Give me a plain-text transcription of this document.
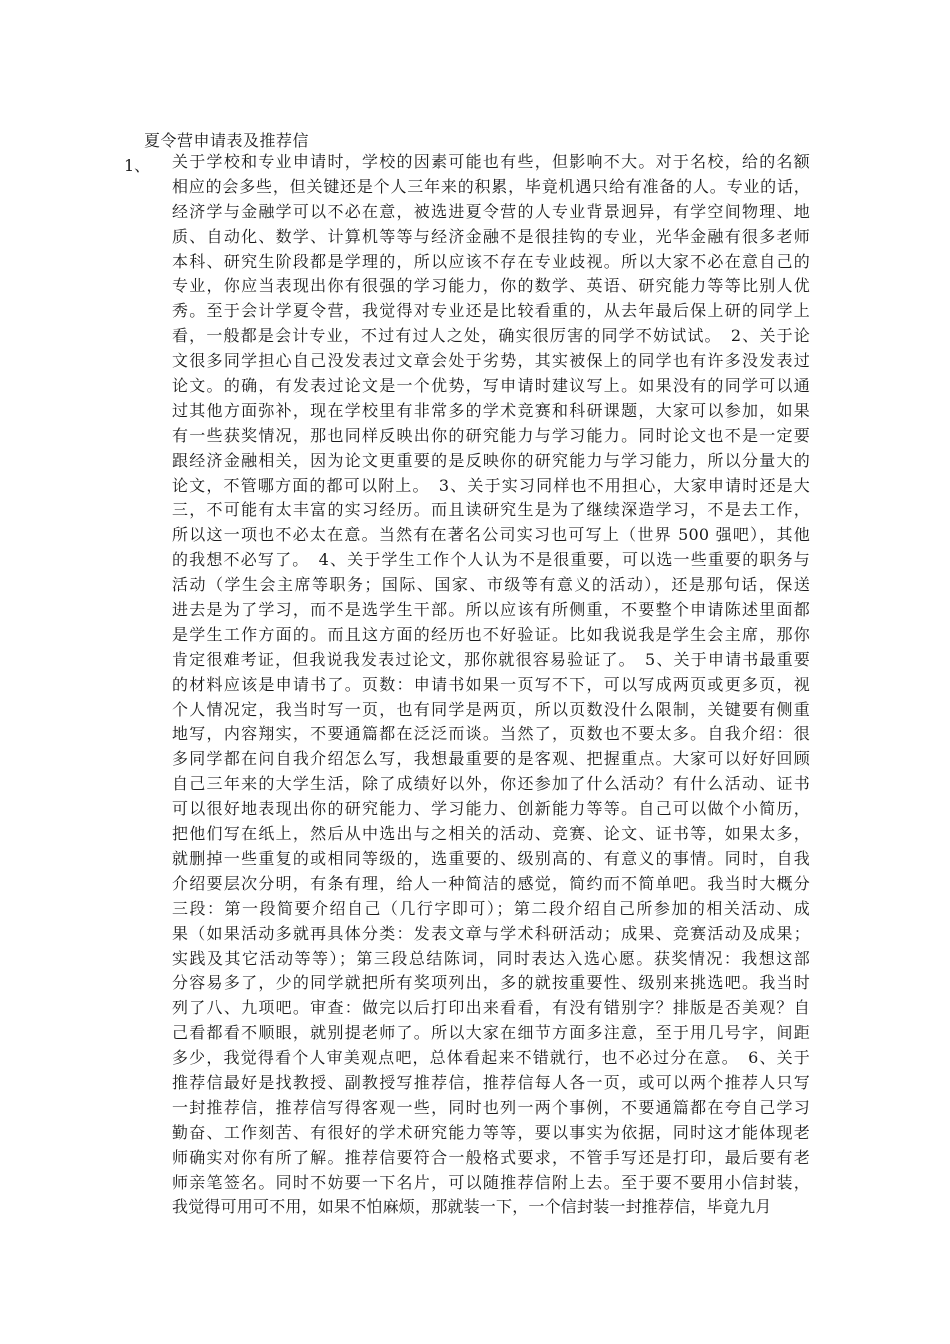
夏令营申请表及推荐信
1、 关于学校和专业申请时，学校的因素可能也有些，但影响不大。对于名校，给的名额
相应的会多些，但关键还是个人三年来的积累，毕竟机遇只给有准备的人。专业的话，
经济学与金融学可以不必在意，被选进夏令营的人专业背景迥异，有学空间物理、地
质、自动化、数学、计算机等等与经济金融不是很挂钩的专业，光华金融有很多老师
本科、研究生阶段都是学理的，所以应该不存在专业歧视。所以大家不必在意自己的
专业，你应当表现出你有很强的学习能力，你的数学、英语、研究能力等等比别人优
秀。至于会计学夏令营，我觉得对专业还是比较看重的，从去年最后保上研的同学上
看，一般都是会计专业，不过有过人之处，确实很厉害的同学不妨试试。　2、关于论
文很多同学担心自己没发表过文章会处于劣势，其实被保上的同学也有许多没发表过
论文。的确，有发表过论文是一个优势，写申请时建议写上。如果没有的同学可以通
过其他方面弥补，现在学校里有非常多的学术竞赛和科研课题，大家可以参加，如果
有一些获奖情况，那也同样反映出你的研究能力与学习能力。同时论文也不是一定要
跟经济金融相关，因为论文更重要的是反映你的研究能力与学习能力，所以分量大的
论文，不管哪方面的都可以附上。　3、关于实习同样也不用担心，大家申请时还是大
三，不可能有太丰富的实习经历。而且读研究生是为了继续深造学习，不是去工作，
所以这一项也不必太在意。当然有在著名公司实习也可写上（世界 500 强吧），其他
的我想不必写了。　4、关于学生工作个人认为不是很重要，可以选一些重要的职务与
活动（学生会主席等职务；国际、国家、市级等有意义的活动），还是那句话，保送
进去是为了学习，而不是选学生干部。所以应该有所侧重，不要整个申请陈述里面都
是学生工作方面的。而且这方面的经历也不好验证。比如我说我是学生会主席，那你
肯定很难考证，但我说我发表过论文，那你就很容易验证了。　5、关于申请书最重要
的材料应该是申请书了。页数：申请书如果一页写不下，可以写成两页或更多页，视
个人情况定，我当时写一页，也有同学是两页，所以页数没什么限制，关键要有侧重
地写，内容翔实，不要通篇都在泛泛而谈。当然了，页数也不要太多。自我介绍：很
多同学都在问自我介绍怎么写，我想最重要的是客观、把握重点。大家可以好好回顾
自己三年来的大学生活，除了成绩好以外，你还参加了什么活动？有什么活动、证书
可以很好地表现出你的研究能力、学习能力、创新能力等等。自己可以做个小简历，
把他们写在纸上，然后从中选出与之相关的活动、竞赛、论文、证书等，如果太多，
就删掉一些重复的或相同等级的，选重要的、级别高的、有意义的事情。同时，自我
介绍要层次分明，有条有理，给人一种简洁的感觉，简约而不简单吧。我当时大概分
三段：第一段简要介绍自己（几行字即可）；第二段介绍自己所参加的相关活动、成
果（如果活动多就再具体分类：发表文章与学术科研活动；成果、竞赛活动及成果；
实践及其它活动等等）；第三段总结陈词，同时表达入选心愿。获奖情况：我想这部
分容易多了，少的同学就把所有奖项列出，多的就按重要性、级别来挑选吧。我当时
列了八、九项吧。审查：做完以后打印出来看看，有没有错别字？排版是否美观？自
己看都看不顺眼，就别提老师了。所以大家在细节方面多注意，至于用几号字，间距
多少，我觉得看个人审美观点吧，总体看起来不错就行，也不必过分在意。　6、关于
推荐信最好是找教授、副教授写推荐信，推荐信每人各一页，或可以两个推荐人只写
一封推荐信，推荐信写得客观一些，同时也列一两个事例，不要通篇都在夸自己学习
勤奋、工作刻苦、有很好的学术研究能力等等，要以事实为依据，同时这才能体现老
师确实对你有所了解。推荐信要符合一般格式要求，不管手写还是打印，最后要有老
师亲笔签名。同时不妨要一下名片，可以随推荐信附上去。至于要不要用小信封装，
我觉得可用可不用，如果不怕麻烦，那就装一下，一个信封装一封推荐信，毕竟九月
